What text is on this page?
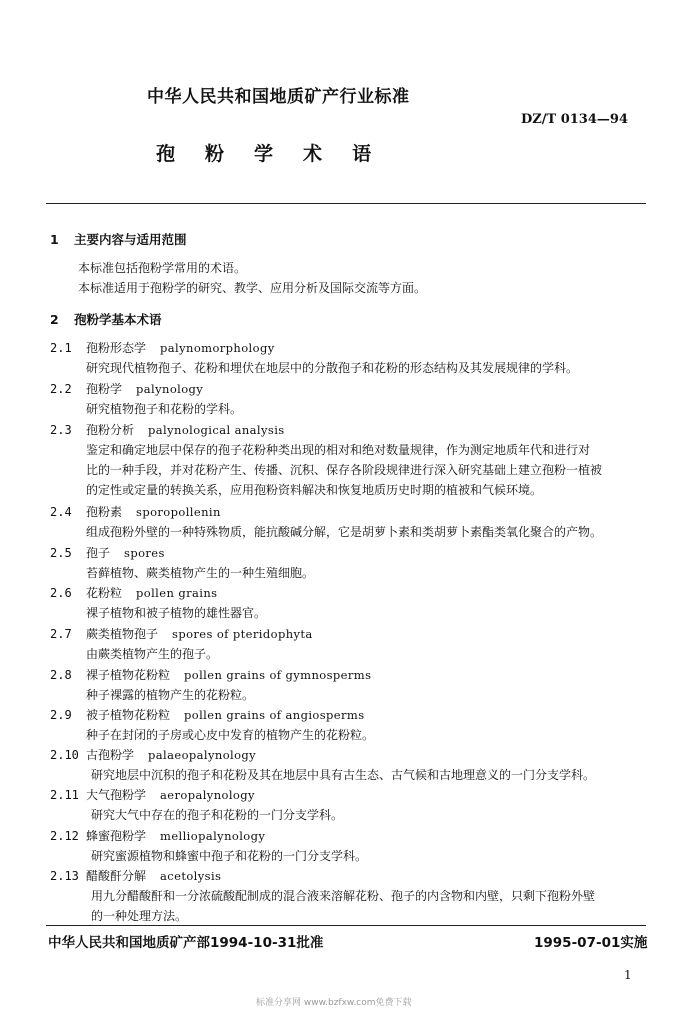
中华人民共和国地质矿产行业标准
DZ/T 0134—94
孢 粉 学 术 语
1 主要内容与适用范围
本标准包括孢粉学常用的术语。
本标准适用于孢粉学的研究、教学、应用分析及国际交流等方面。
2 孢粉学基本术语
2.1 孢粉形态学 palynomorphology
研究现代植物孢子、花粉和埋伏在地层中的分散孢子和花粉的形态结构及其发展规律的学科。
2.2 孢粉学 palynology
研究植物孢子和花粉的学科。
2.3 孢粉分析 palynological analysis
鉴定和确定地层中保存的孢子花粉种类出现的相对和绝对数量规律，作为测定地质年代和进行对
比的一种手段，并对花粉产生、传播、沉积、保存各阶段规律进行深入研究基础上建立孢粉一植被
的定性或定量的转换关系，应用孢粉资料解决和恢复地质历史时期的植被和气候环境。
2.4 孢粉素 sporopollenin
组成孢粉外壁的一种特殊物质，能抗酸碱分解，它是胡萝卜素和类胡萝卜素酯类氧化聚合的产物。
2.5 孢子 spores
苔藓植物、蕨类植物产生的一种生殖细胞。
2.6 花粉粒 pollen grains
裸子植物和被子植物的雄性器官。
2.7 蕨类植物孢子 spores of pteridophyta
由蕨类植物产生的孢子。
2.8 裸子植物花粉粒 pollen grains of gymnosperms
种子裸露的植物产生的花粉粒。
2.9 被子植物花粉粒 pollen grains of angiosperms
种子在封闭的子房或心皮中发育的植物产生的花粉粒。
2.10 古孢粉学 palaeopalynology
研究地层中沉积的孢子和花粉及其在地层中具有古生态、古气候和古地理意义的一门分支学科。
2.11 大气孢粉学 aeropalynology
研究大气中存在的孢子和花粉的一门分支学科。
2.12 蜂蜜孢粉学 melliopalynology
研究蜜源植物和蜂蜜中孢子和花粉的一门分支学科。
2.13 醋酸酐分解 acetolysis
用九分醋酸酐和一分浓硫酸配制成的混合液来溶解花粉、孢子的内含物和内壁，只剩下孢粉外壁
的一种处理方法。
中华人民共和国地质矿产部1994-10-31批准	1995-07-01实施
1
标准分享网 www.bzfxw.com免费下载
